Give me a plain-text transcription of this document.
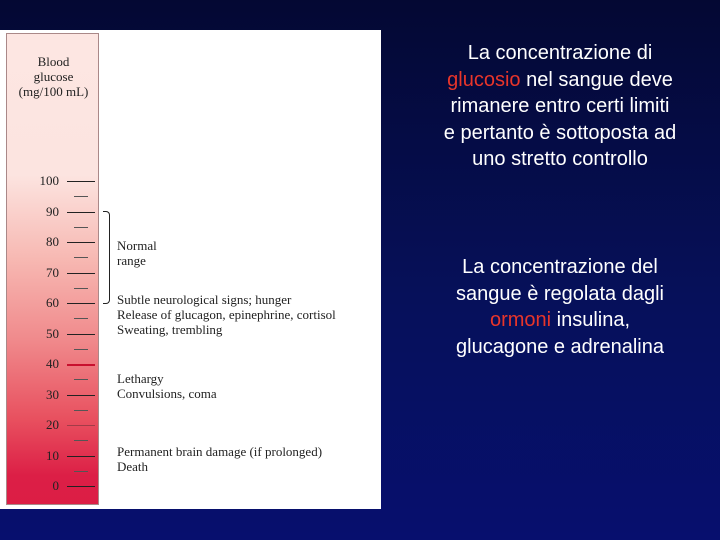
Blood
glucose
(mg/100 mL)
100
90
80
70
60
50
40
30
20
10
0
Normal
range
Subtle neurological signs; hunger
Release of glucagon, epinephrine, cortisol
Sweating, trembling
Lethargy
Convulsions, coma
Permanent brain damage (if prolonged)
Death
La concentrazione di
glucosio nel sangue deve
rimanere entro certi limiti
e pertanto è sottoposta ad
uno stretto controllo
La concentrazione del
sangue è regolata dagli
ormoni insulina,
glucagone e adrenalina
